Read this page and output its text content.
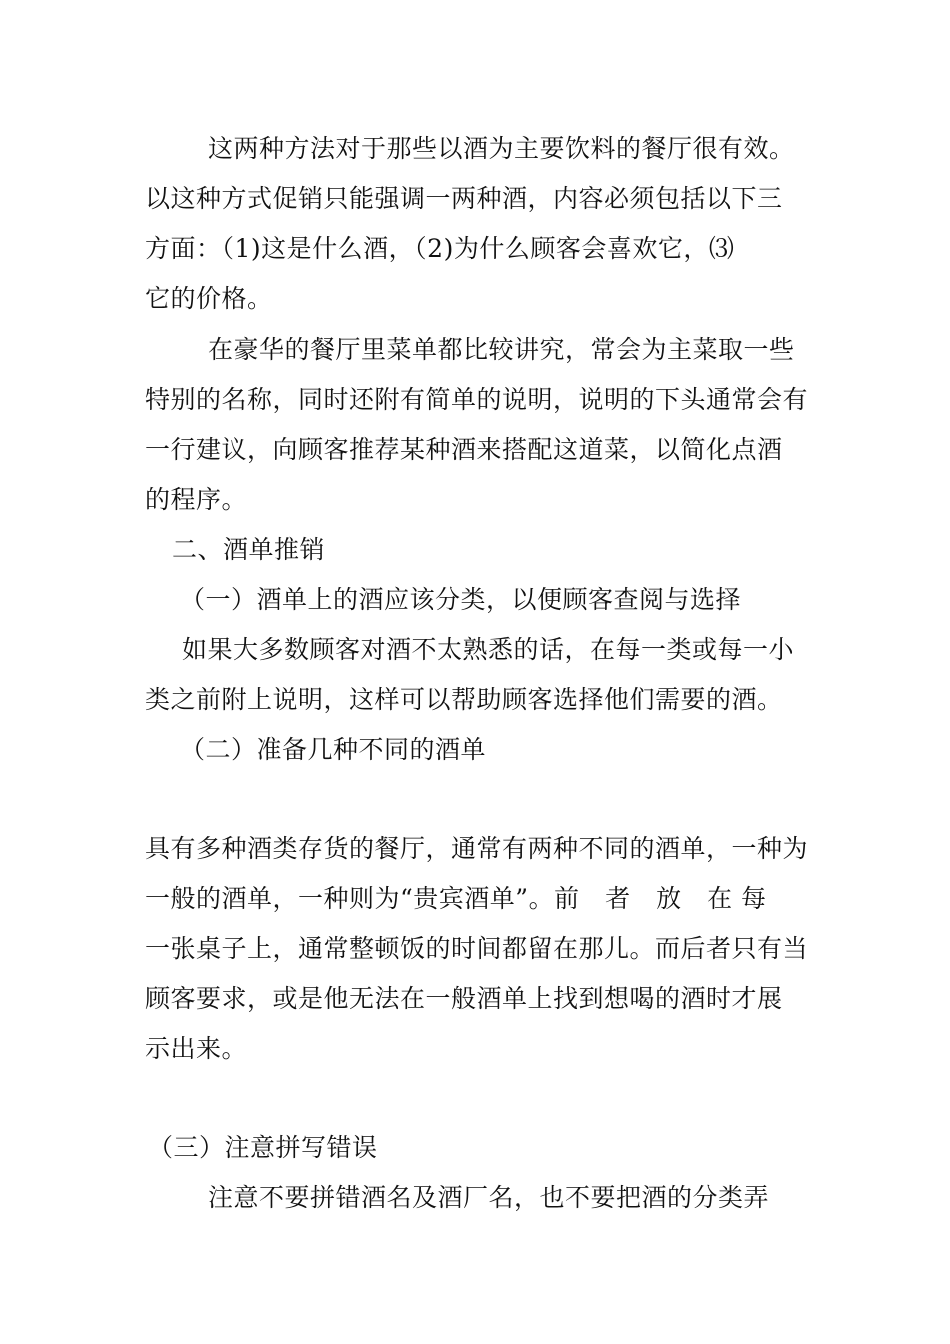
这两种方法对于那些以酒为主要饮料的餐厅很有效。
以这种方式促销只能强调一两种酒，内容必须包括以下三
方面：（1)这是什么酒，（2)为什么顾客会喜欢它，⑶
它的价格。
在豪华的餐厅里菜单都比较讲究，常会为主菜取一些
特别的名称，同时还附有简单的说明，说明的下头通常会有
一行建议，向顾客推荐某种酒来搭配这道菜，以简化点酒
的程序。
二、酒单推销
（一）酒单上的酒应该分类，以便顾客查阅与选择
如果大多数顾客对酒不太熟悉的话，在每一类或每一小
类之前附上说明，这样可以帮助顾客选择他们需要的酒。
（二）准备几种不同的酒单
具有多种酒类存货的餐厅，通常有两种不同的酒单，一种为
一般的酒单，一种则为“贵宾酒单”。前　者　放　在 每
一张桌子上，通常整顿饭的时间都留在那儿。而后者只有当
顾客要求，或是他无法在一般酒单上找到想喝的酒时才展
示出来。
（三）注意拼写错误
注意不要拼错酒名及酒厂名，也不要把酒的分类弄
